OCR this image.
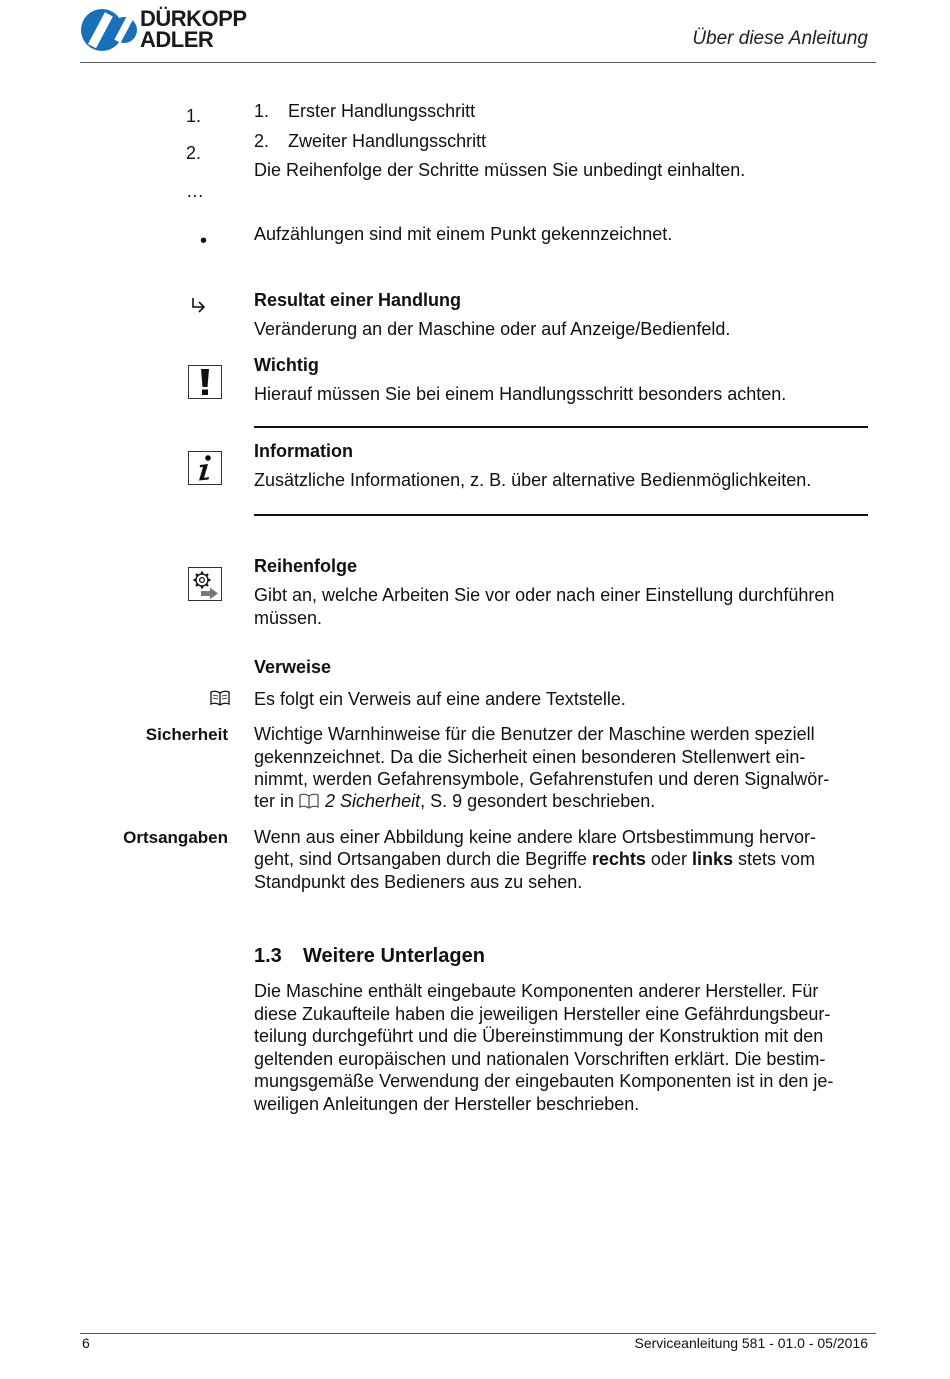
DÜRKOPP
ADLER	Über diese Anleitung
1.
2.
…
1. Erster Handlungsschritt
2. Zweiter Handlungsschritt
Die Reihenfolge der Schritte müssen Sie unbedingt einhalten.
•	Aufzählungen sind mit einem Punkt gekennzeichnet.
Resultat einer Handlung
Veränderung an der Maschine oder auf Anzeige/Bedienfeld.
Wichtig
Hierauf müssen Sie bei einem Handlungsschritt besonders achten.
Information
Zusätzliche Informationen, z. B. über alternative Bedienmöglichkeiten.
Reihenfolge
Gibt an, welche Arbeiten Sie vor oder nach einer Einstellung durchführen
müssen.
Verweise
Es folgt ein Verweis auf eine andere Textstelle.
Sicherheit Wichtige Warnhinweise für die Benutzer der Maschine werden speziell
gekennzeichnet. Da die Sicherheit einen besonderen Stellenwert ein-
nimmt, werden Gefahrensymbole, Gefahrenstufen und deren Signalwör-
ter in 2 Sicherheit, S. 9 gesondert beschrieben.
Ortsangaben Wenn aus einer Abbildung keine andere klare Ortsbestimmung hervor-
geht, sind Ortsangaben durch die Begriffe rechts oder links stets vom
Standpunkt des Bedieners aus zu sehen.
1.3 Weitere Unterlagen
Die Maschine enthält eingebaute Komponenten anderer Hersteller. Für
diese Zukaufteile haben die jeweiligen Hersteller eine Gefährdungsbeur-
teilung durchgeführt und die Übereinstimmung der Konstruktion mit den
geltenden europäischen und nationalen Vorschriften erklärt. Die bestim-
mungsgemäße Verwendung der eingebauten Komponenten ist in den je-
weiligen Anleitungen der Hersteller beschrieben.
6	Serviceanleitung 581 - 01.0 - 05/2016
